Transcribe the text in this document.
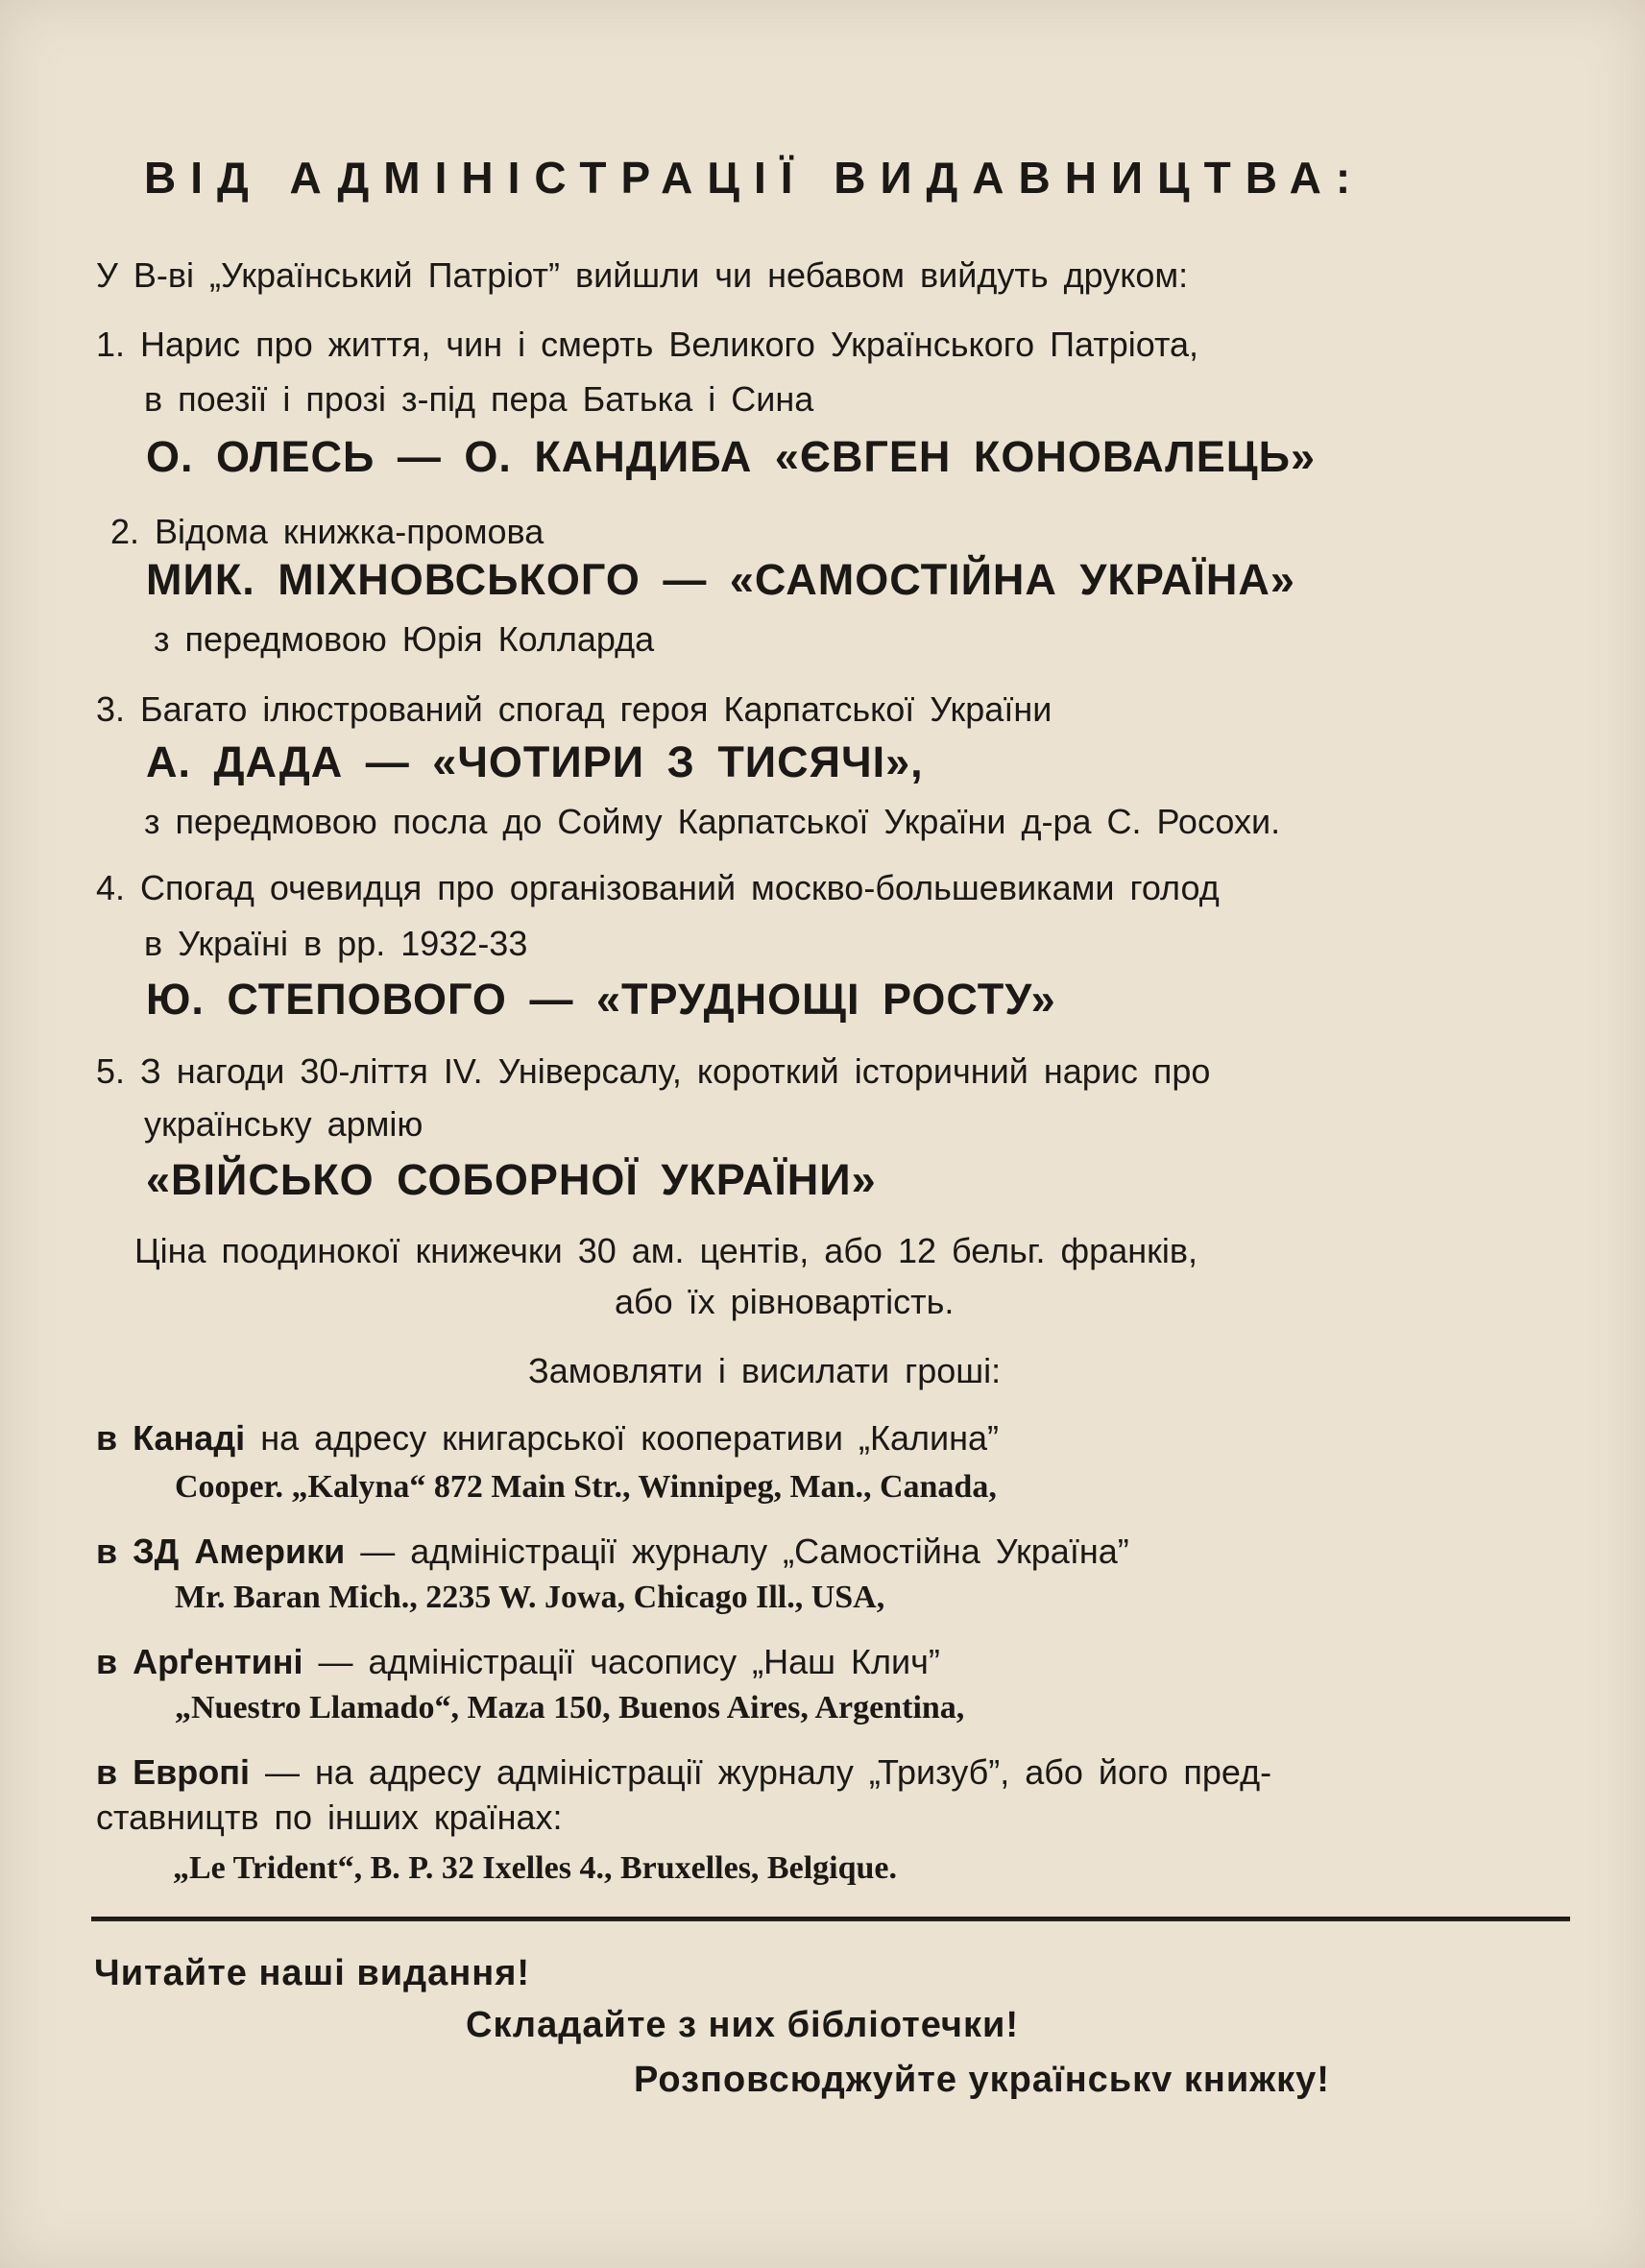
ВІД АДМІНІСТРАЦІЇ ВИДАВНИЦТВА:
У В-ві „Український Патріот” вийшли чи небавом вийдуть друком:
1. Нарис про життя, чин і смерть Великого Українського Патріота,
в поезії і прозі з-під пера Батька і Сина
О. ОЛЕСЬ — О. КАНДИБА «ЄВГЕН КОНОВАЛЕЦЬ»
2. Відома книжка-промова
МИК. МІХНОВСЬКОГО — «САМОСТІЙНА УКРАЇНА»
з передмовою Юрія Колларда
3. Багато ілюстрований спогад героя Карпатської України
А. ДАДА — «ЧОТИРИ З ТИСЯЧІ»,
з передмовою посла до Сойму Карпатської України д-ра С. Росохи.
4. Спогад очевидця про організований москво-большевиками голод
в Україні в рр. 1932-33
Ю. СТЕПОВОГО — «ТРУДНОЩІ РОСТУ»
5. З нагоди 30-ліття IV. Універсалу, короткий історичний нарис про
українську армію
«ВІЙСЬКО СОБОРНОЇ УКРАЇНИ»
Ціна поодинокої книжечки 30 ам. центів, або 12 бельг. франків,
або їх рівновартість.
Замовляти і висилати гроші:
в Канаді на адресу книгарської кооперативи „Калина”
Cooper. „Kalyna“ 872 Main Str., Winnipeg, Man., Canada,
в ЗД Америки — адміністрації журналу „Самостійна Україна”
Mr. Baran Mich., 2235 W. Jowa, Chicago Ill., USA,
в Арґентині — адміністрації часопису „Наш Клич”
„Nuestro Llamado“, Maza 150, Buenos Aires, Argentina,
в Европі — на адресу адміністрації журналу „Тризуб”, або його пред-
ставництв по інших країнах:
„Le Trident“, B. P. 32 Ixelles 4., Bruxelles, Belgique.
Читайте наші видання!
Складайте з них бібліотечки!
Розповсюджуйте українськv книжку!
